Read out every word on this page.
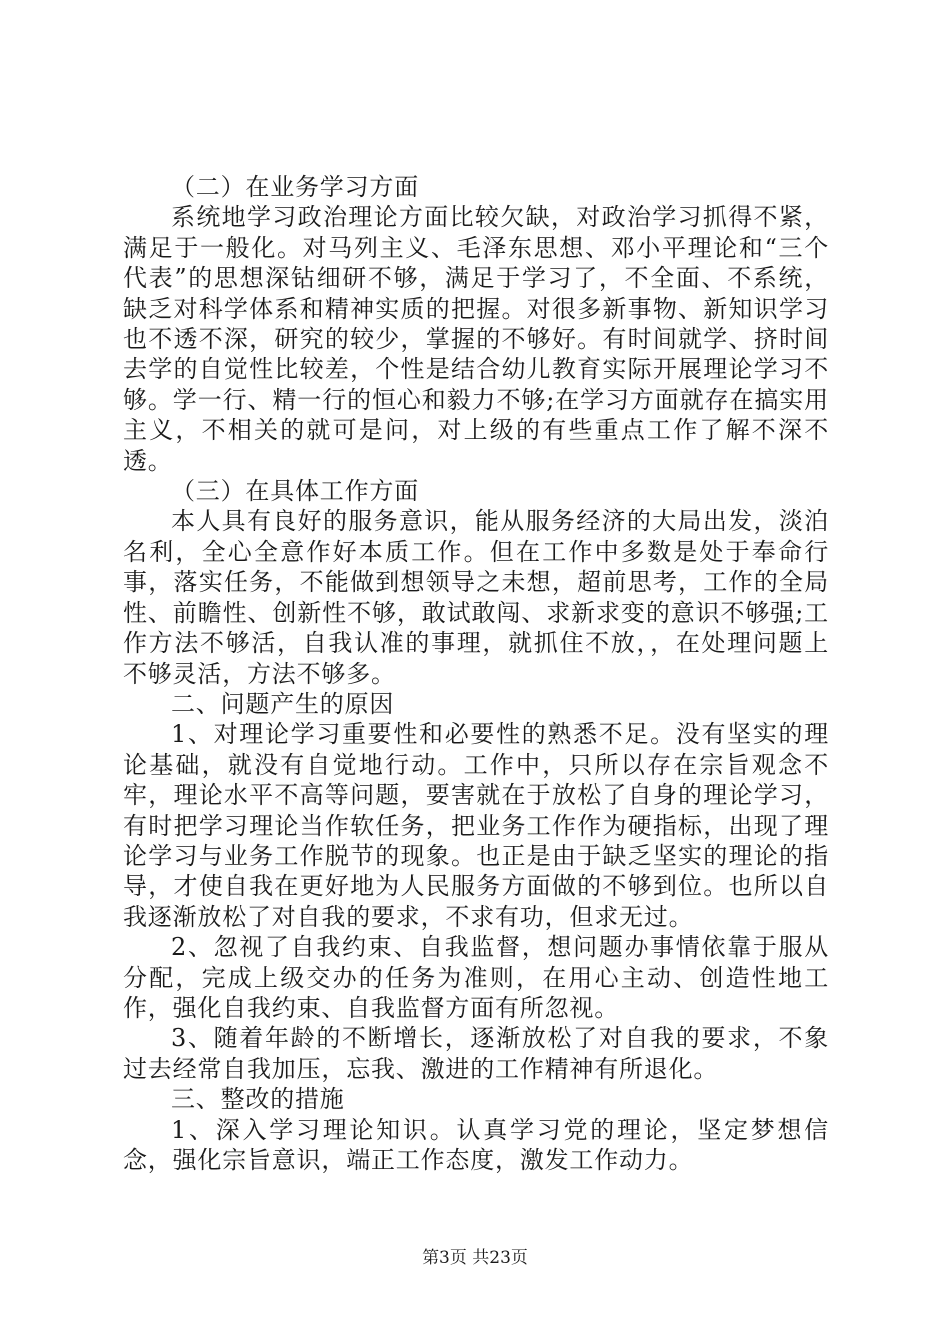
（二）在业务学习方面

系统地学习政治理论方面比较欠缺，对政治学习抓得不紧，满足于一般化。对马列主义、毛泽东思想、邓小平理论和“三个代表”的思想深钻细研不够，满足于学习了，不全面、不系统，缺乏对科学体系和精神实质的把握。对很多新事物、新知识学习也不透不深，研究的较少，掌握的不够好。有时间就学、挤时间去学的自觉性比较差，个性是结合幼儿教育实际开展理论学习不够。学一行、精一行的恒心和毅力不够;在学习方面就存在搞实用主义，不相关的就可是问，对上级的有些重点工作了解不深不透。

（三）在具体工作方面

本人具有良好的服务意识，能从服务经济的大局出发，淡泊名利，全心全意作好本质工作。但在工作中多数是处于奉命行事，落实任务，不能做到想领导之未想，超前思考，工作的全局性、前瞻性、创新性不够，敢试敢闯、求新求变的意识不够强;工作方法不够活，自我认准的事理，就抓住不放，，在处理问题上不够灵活，方法不够多。

二、问题产生的原因

1、对理论学习重要性和必要性的熟悉不足。没有坚实的理论基础，就没有自觉地行动。工作中，只所以存在宗旨观念不牢，理论水平不高等问题，要害就在于放松了自身的理论学习，有时把学习理论当作软任务，把业务工作作为硬指标，出现了理论学习与业务工作脱节的现象。也正是由于缺乏坚实的理论的指导，才使自我在更好地为人民服务方面做的不够到位。也所以自我逐渐放松了对自我的要求，不求有功，但求无过。

2、忽视了自我约束、自我监督，想问题办事情依靠于服从分配，完成上级交办的任务为准则，在用心主动、创造性地工作，强化自我约束、自我监督方面有所忽视。

3、随着年龄的不断增长，逐渐放松了对自我的要求，不象过去经常自我加压，忘我、激进的工作精神有所退化。

三、整改的措施

1、深入学习理论知识。认真学习党的理论，坚定梦想信念，强化宗旨意识，端正工作态度，激发工作动力。

第3页 共23页
